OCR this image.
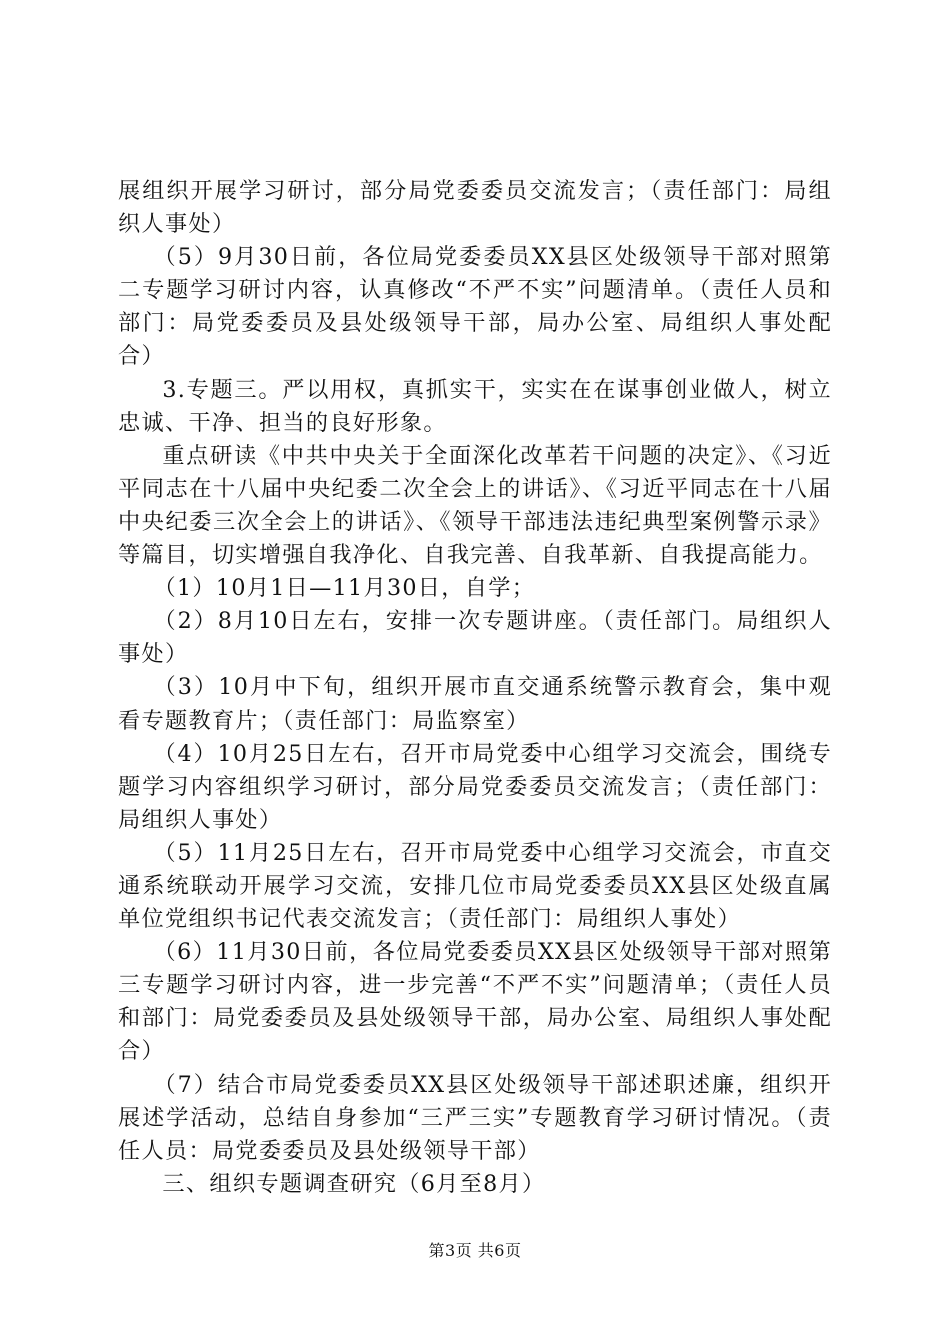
展组织开展学习研讨，部分局党委委员交流发言；（责任部门：局组织人事处）

（5）9月30日前，各位局党委委员XX县区处级领导干部对照第二专题学习研讨内容，认真修改“不严不实”问题清单。（责任人员和部门：局党委委员及县处级领导干部，局办公室、局组织人事处配合）

3.专题三。严以用权，真抓实干，实实在在谋事创业做人，树立忠诚、干净、担当的良好形象。

重点研读《中共中央关于全面深化改革若干问题的决定》、《习近平同志在十八届中央纪委二次全会上的讲话》、《习近平同志在十八届中央纪委三次全会上的讲话》、《领导干部违法违纪典型案例警示录》等篇目，切实增强自我净化、自我完善、自我革新、自我提高能力。

（1）10月1日—11月30日，自学；

（2）8月10日左右，安排一次专题讲座。（责任部门。局组织人事处）

（3）10月中下旬，组织开展市直交通系统警示教育会，集中观看专题教育片；（责任部门：局监察室）

（4）10月25日左右，召开市局党委中心组学习交流会，围绕专题学习内容组织学习研讨，部分局党委委员交流发言；（责任部门：局组织人事处）

（5）11月25日左右，召开市局党委中心组学习交流会，市直交通系统联动开展学习交流，安排几位市局党委委员XX县区处级直属单位党组织书记代表交流发言；（责任部门：局组织人事处）

（6）11月30日前，各位局党委委员XX县区处级领导干部对照第三专题学习研讨内容，进一步完善“不严不实”问题清单；（责任人员和部门：局党委委员及县处级领导干部，局办公室、局组织人事处配合）

（7）结合市局党委委员XX县区处级领导干部述职述廉，组织开展述学活动，总结自身参加“三严三实”专题教育学习研讨情况。（责任人员：局党委委员及县处级领导干部）

三、组织专题调查研究（6月至8月）

第3页 共6页
